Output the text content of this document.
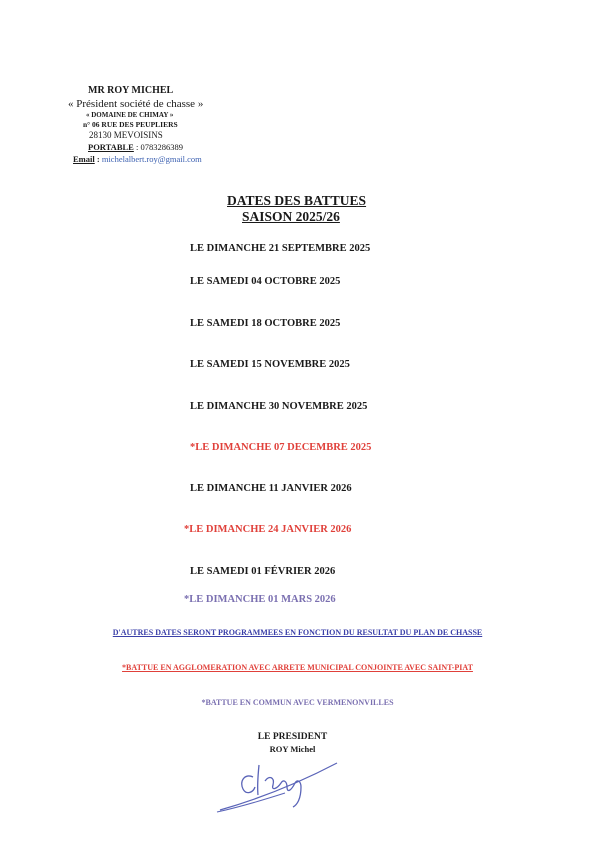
MR ROY MICHEL
« Président société de chasse »
« DOMAINE DE CHIMAY »
n° 06 RUE DES PEUPLIERS
28130 MEVOISINS
PORTABLE : 0783286389
Email : michelalbert.roy@gmail.com
DATES DES BATTUES
SAISON 2025/26
LE DIMANCHE 21 SEPTEMBRE 2025
LE SAMEDI 04 OCTOBRE 2025
LE SAMEDI 18 OCTOBRE 2025
LE SAMEDI 15 NOVEMBRE 2025
LE DIMANCHE 30 NOVEMBRE 2025
*LE DIMANCHE 07 DECEMBRE 2025
LE DIMANCHE 11 JANVIER 2026
*LE DIMANCHE 24 JANVIER 2026
LE SAMEDI 01 FÉVRIER 2026
*LE DIMANCHE 01 MARS 2026
D'AUTRES DATES SERONT PROGRAMMEES EN FONCTION DU RESULTAT DU PLAN DE CHASSE
*BATTUE EN AGGLOMERATION AVEC ARRETE MUNICIPAL CONJOINTE AVEC SAINT-PIAT
*BATTUE EN COMMUN AVEC VERMENONVILLES
LE PRESIDENT
ROY Michel
